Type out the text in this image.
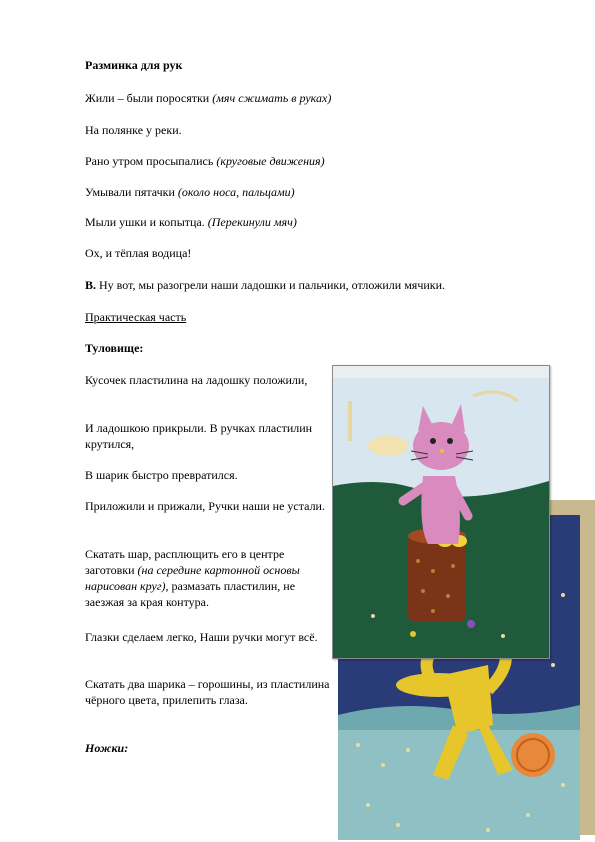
Разминка для рук
Жили – были поросятки (мяч сжимать в руках)
На полянке у реки.
Рано утром просыпались (круговые движения)
Умывали пятачки (около носа, пальцами)
Мыли ушки и копытца. (Перекинули мяч)
Ох, и тёплая водица!
В. Ну вот, мы разогрели наши ладошки и пальчики, отложили мячики.
Практическая часть
Туловище:
Кусочек пластилина на ладошку положили,
И ладошкою прикрыли. В ручках пластилин крутился,
В шарик быстро превратился.
Приложили и прижали, Ручки наши не устали.
Скатать шар, расплющить его в центре заготовки (на середине картонной основы нарисован круг), размазать пластилин, не заезжая за края контура.
Глазки сделаем легко, Наши ручки могут всё.
Скатать два шарика – горошины, из пластилина чёрного цвета, прилепить глаза.
Ножки:
